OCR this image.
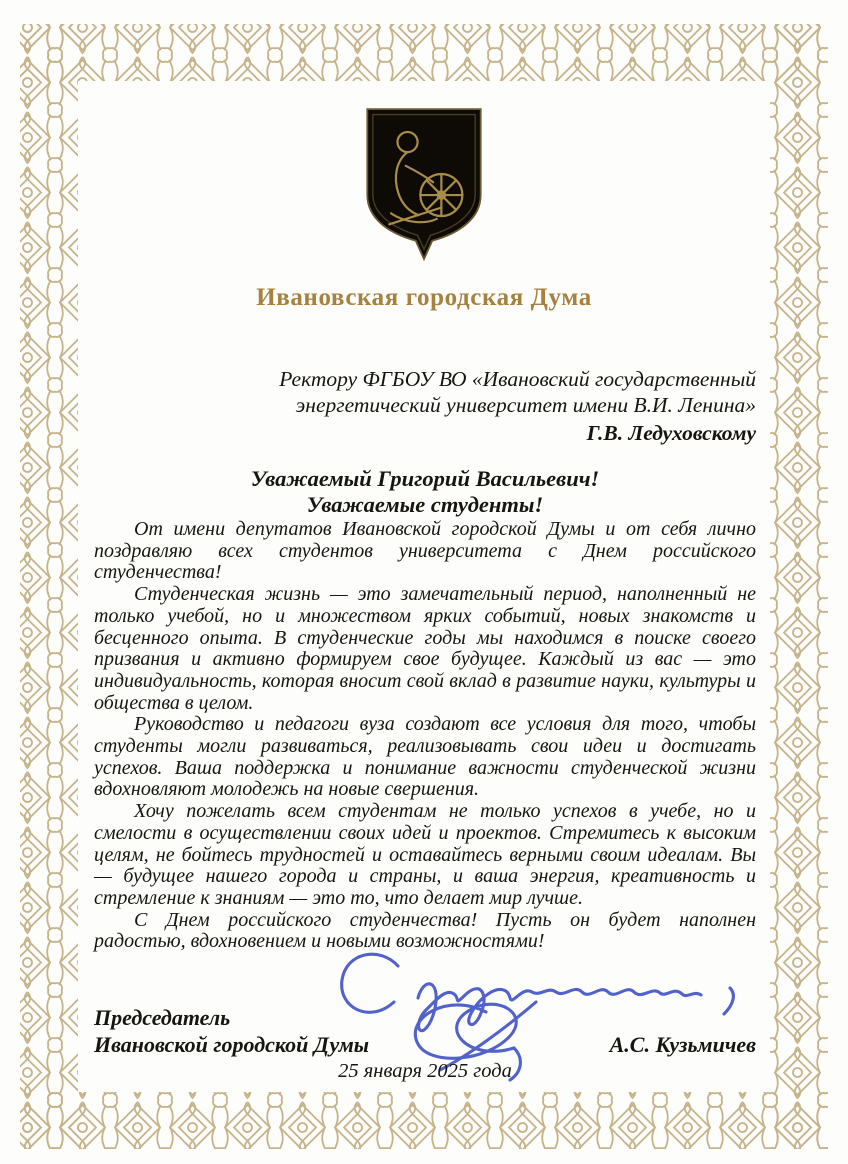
Ивановская городская Дума
Ректору ФГБОУ ВО «Ивановский государственный
энергетический университет имени В.И. Ленина»
Г.В. Ледуховскому
Уважаемый Григорий Васильевич!
Уважаемые студенты!

От имени депутатов Ивановской городской Думы и от себя лично поздравляю всех студентов университета с Днем российского студенчества!

Студенческая жизнь — это замечательный период, наполненный не только учебой, но и множеством ярких событий, новых знакомств и бесценного опыта. В студенческие годы мы находимся в поиске своего призвания и активно формируем свое будущее. Каждый из вас — это индивидуальность, которая вносит свой вклад в развитие науки, культуры и общества в целом.

Руководство и педагоги вуза создают все условия для того, чтобы студенты могли развиваться, реализовывать свои идеи и достигать успехов. Ваша поддержка и понимание важности студенческой жизни вдохновляют молодежь на новые свершения.

Хочу пожелать всем студентам не только успехов в учебе, но и смелости в осуществлении своих идей и проектов. Стремитесь к высоким целям, не бойтесь трудностей и оставайтесь верными своим идеалам. Вы — будущее нашего города и страны, и ваша энергия, креативность и стремление к знаниям — это то, что делает мир лучше.

С Днем российского студенчества! Пусть он будет наполнен радостью, вдохновением и новыми возможностями!

Председатель
Ивановской городской Думы	А.С. Кузьмичев
25 января 2025 года
